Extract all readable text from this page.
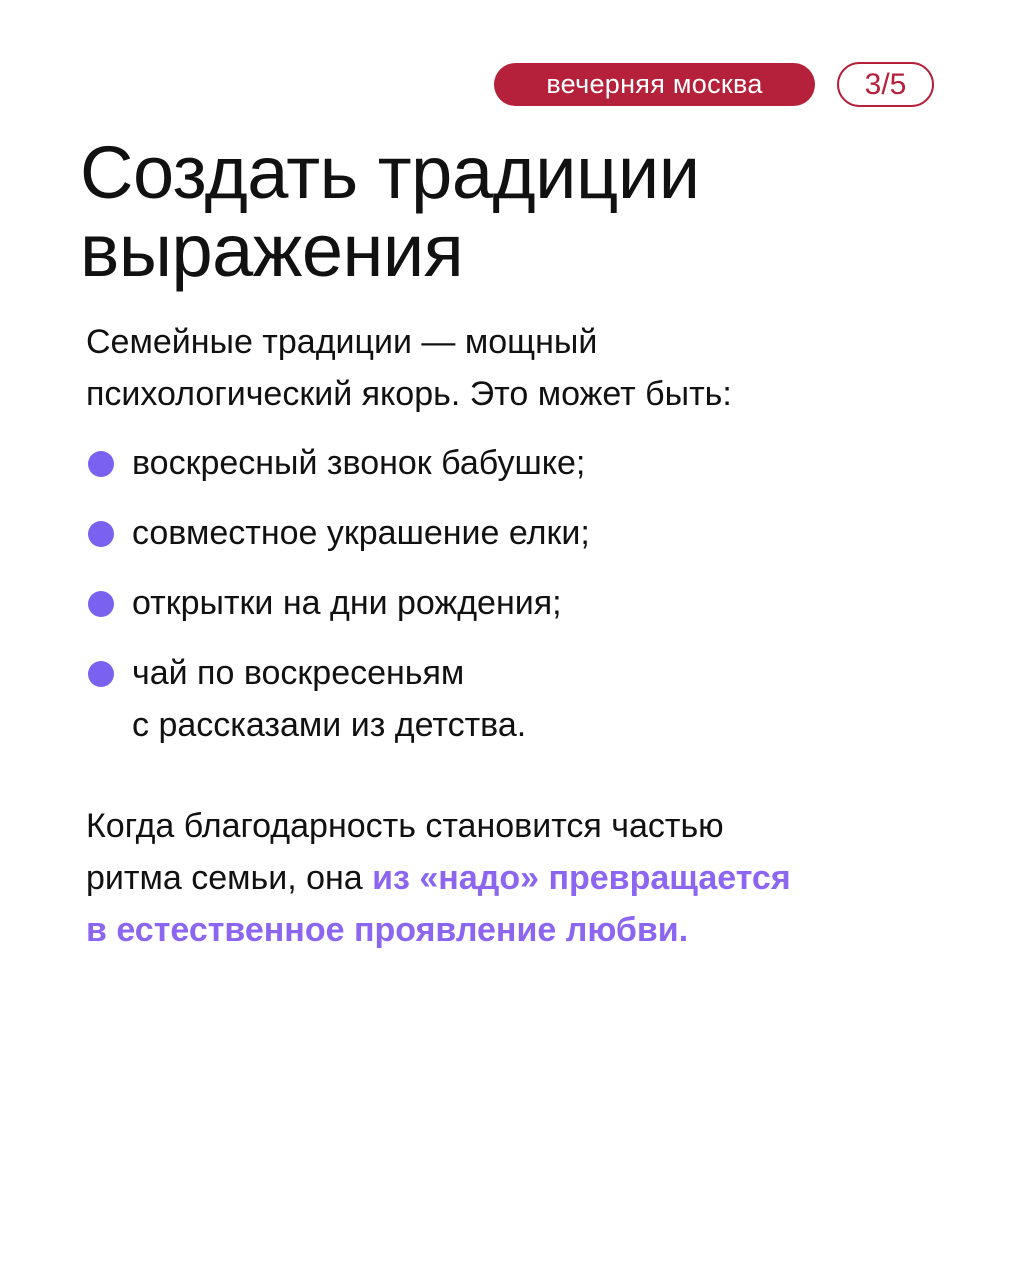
вечерняя москва	3/5
Создать традиции
выражения

Семейные традиции — мощный
психологический якорь. Это может быть:

воскресный звонок бабушке;
совместное украшение елки;
открытки на дни рождения;
чай по воскресеньям
с рассказами из детства.

Когда благодарность становится частью
ритма семьи, она из «надо» превращается
в естественное проявление любви.
